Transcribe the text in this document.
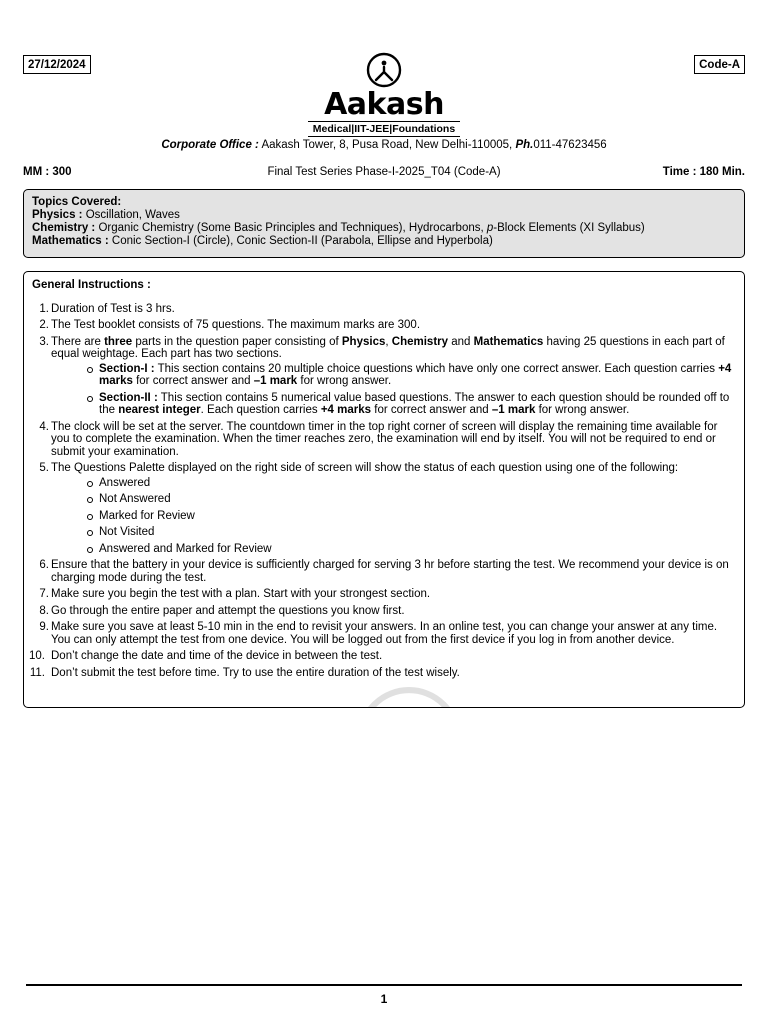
27/12/2024	Code-A
Aakash
Medical|IIT-JEE|Foundations
Corporate Office : Aakash Tower, 8, Pusa Road, New Delhi-110005, Ph.011-47623456
Final Test Series Phase-I-2025_T04 (Code-A)
MM : 300	Time : 180 Min.
Topics Covered:
Physics : Oscillation, Waves
Chemistry : Organic Chemistry (Some Basic Principles and Techniques), Hydrocarbons, p-Block Elements (XI Syllabus)
Mathematics : Conic Section-I (Circle), Conic Section-II (Parabola, Ellipse and Hyperbola)
General Instructions :
1. Duration of Test is 3 hrs.
2. The Test booklet consists of 75 questions. The maximum marks are 300.
3. There are three parts in the question paper consisting of Physics, Chemistry and Mathematics having 25 questions in each part of equal weightage. Each part has two sections.
Section-I : This section contains 20 multiple choice questions which have only one correct answer. Each question carries +4 marks for correct answer and –1 mark for wrong answer.
Section-II : This section contains 5 numerical value based questions. The answer to each question should be rounded off to the nearest integer. Each question carries +4 marks for correct answer and –1 mark for wrong answer.
4. The clock will be set at the server. The countdown timer in the top right corner of screen will display the remaining time available for you to complete the examination. When the timer reaches zero, the examination will end by itself. You will not be required to end or submit your examination.
5. The Questions Palette displayed on the right side of screen will show the status of each question using one of the following:
Answered
Not Answered
Marked for Review
Not Visited
Answered and Marked for Review
6. Ensure that the battery in your device is sufficiently charged for serving 3 hr before starting the test. We recommend your device is on charging mode during the test.
7. Make sure you begin the test with a plan. Start with your strongest section.
8. Go through the entire paper and attempt the questions you know first.
9. Make sure you save at least 5-10 min in the end to revisit your answers. In an online test, you can change your answer at any time. You can only attempt the test from one device. You will be logged out from the first device if you log in from another device.
10. Don’t change the date and time of the device in between the test.
11. Don’t submit the test before time. Try to use the entire duration of the test wisely.
1
